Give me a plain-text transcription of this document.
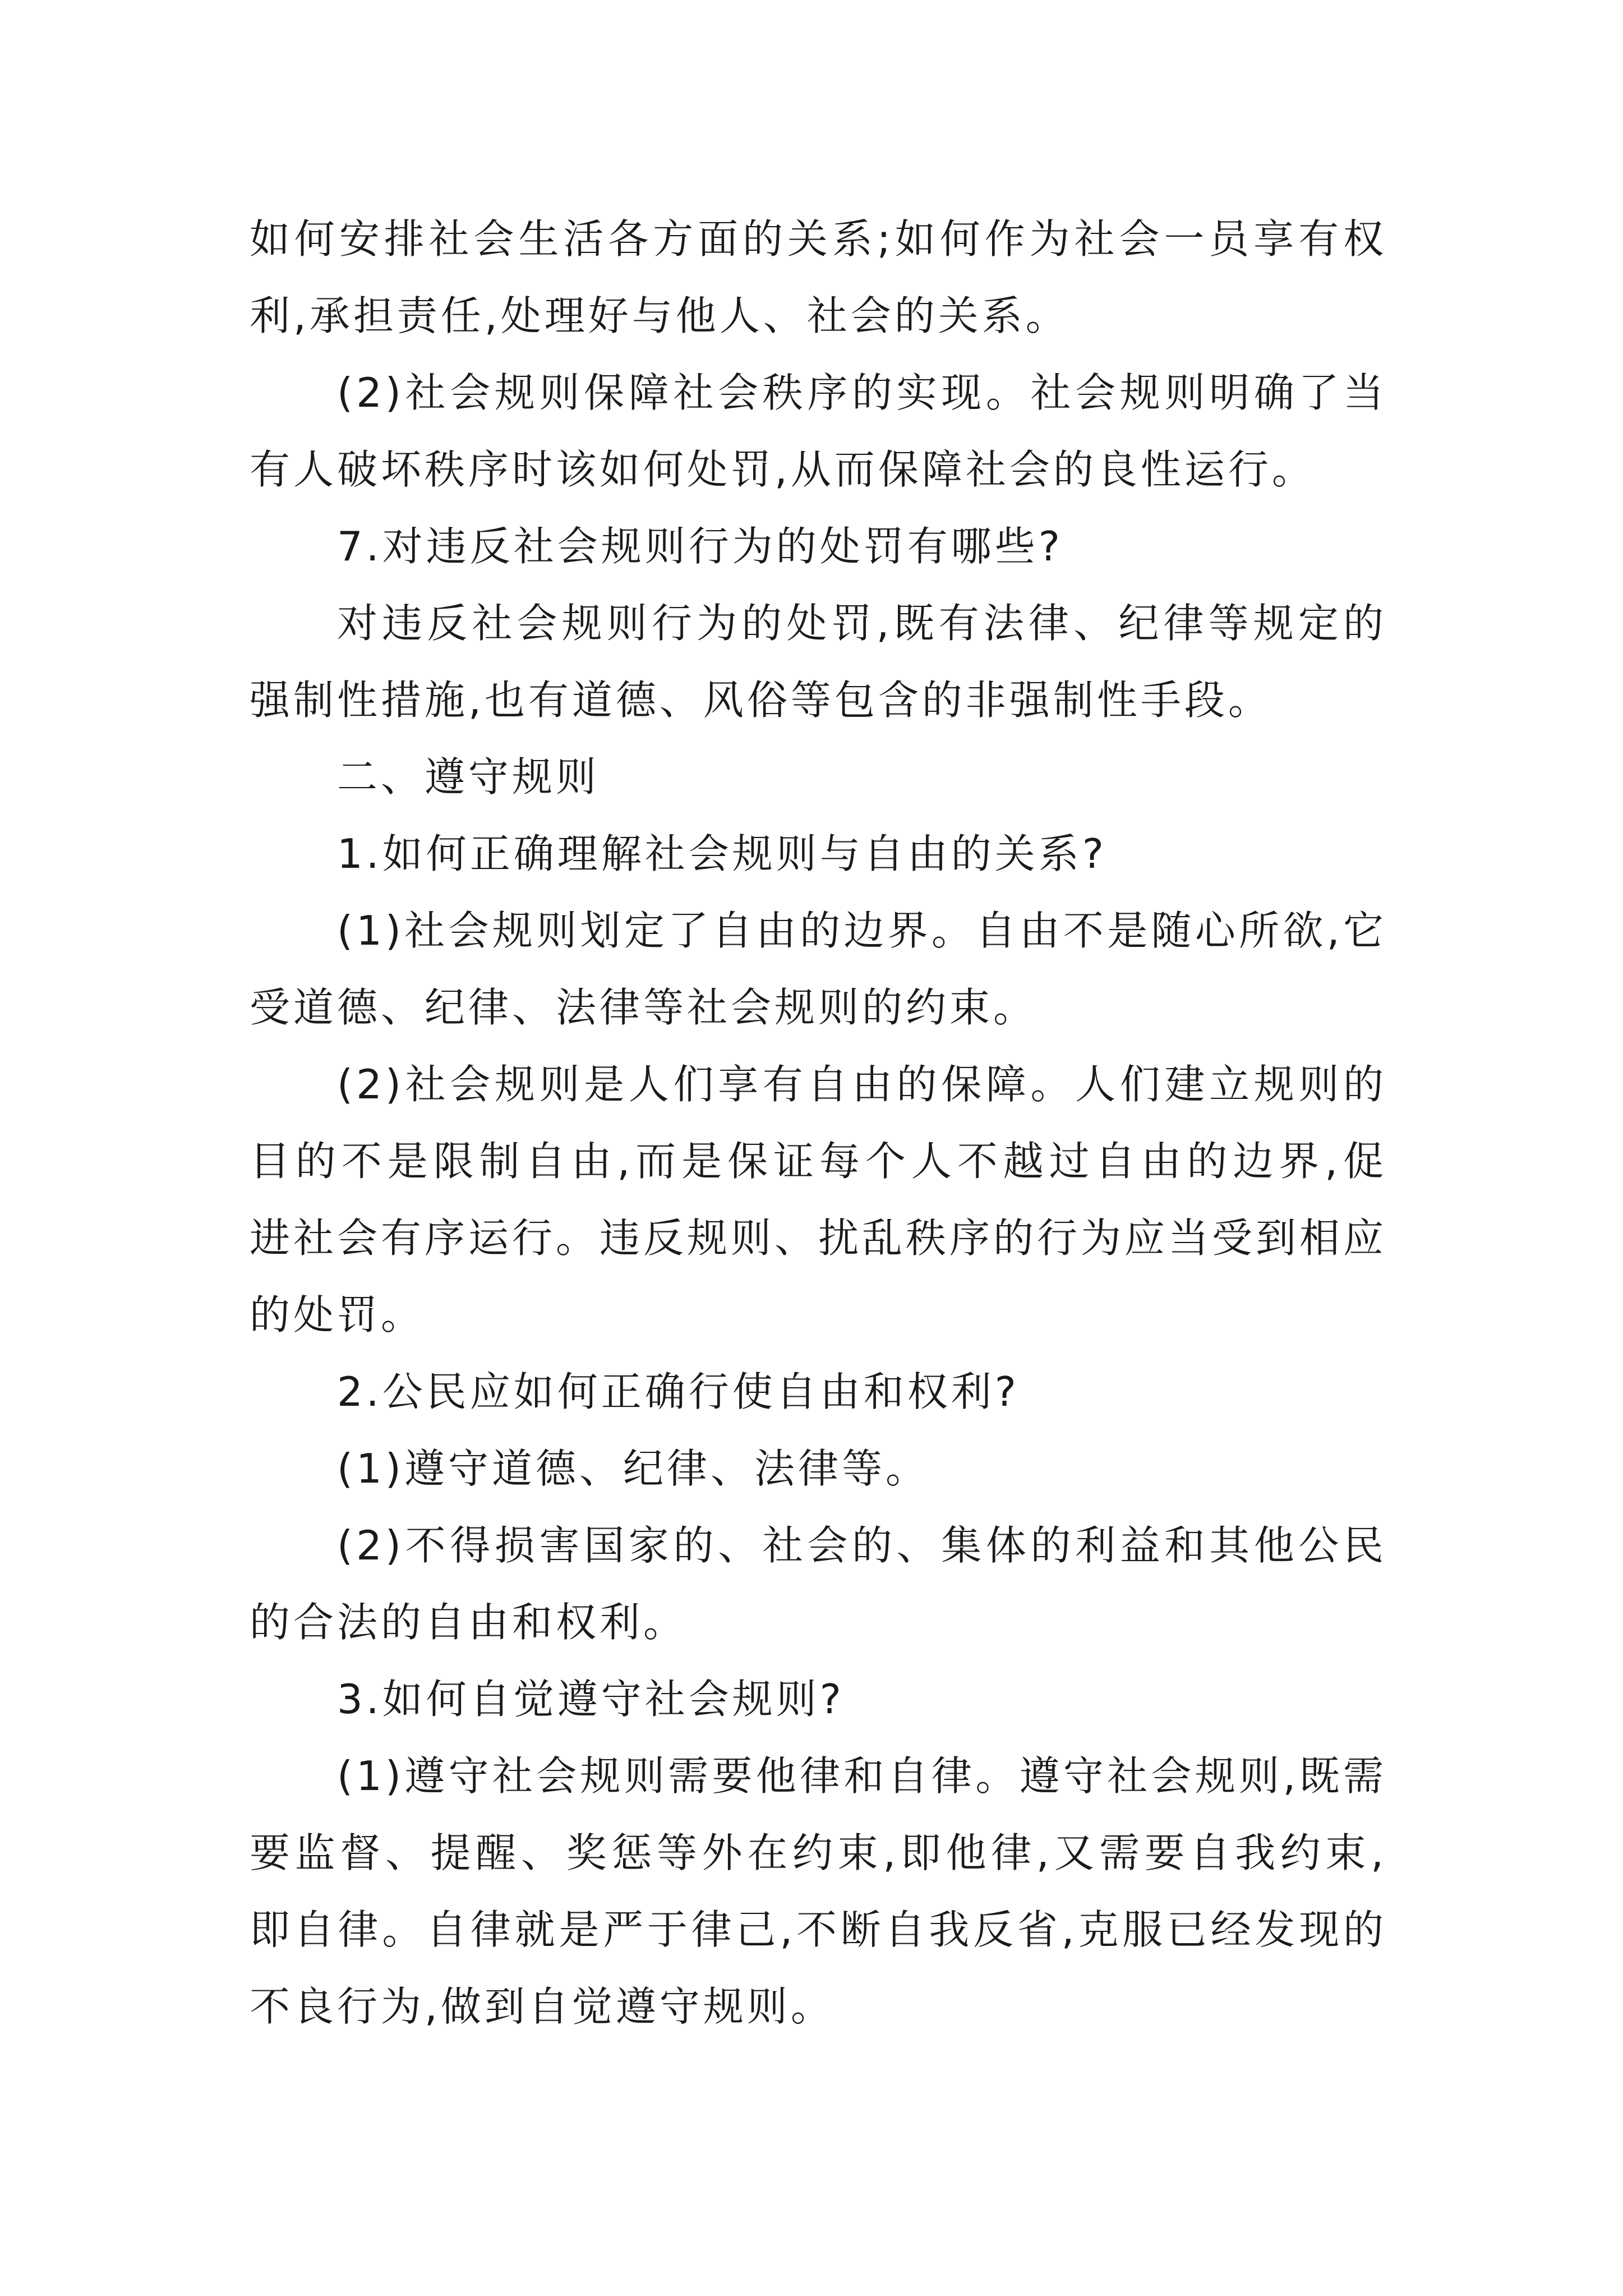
如何安排社会生活各方面的关系;如何作为社会一员享有权
利,承担责任,处理好与他人、社会的关系。
(2)社会规则保障社会秩序的实现。社会规则明确了当
有人破坏秩序时该如何处罚,从而保障社会的良性运行。
7.对违反社会规则行为的处罚有哪些?
对违反社会规则行为的处罚,既有法律、纪律等规定的
强制性措施,也有道德、风俗等包含的非强制性手段。
二、遵守规则
1.如何正确理解社会规则与自由的关系?
(1)社会规则划定了自由的边界。自由不是随心所欲,它
受道德、纪律、法律等社会规则的约束。
(2)社会规则是人们享有自由的保障。人们建立规则的
目的不是限制自由,而是保证每个人不越过自由的边界,促
进社会有序运行。违反规则、扰乱秩序的行为应当受到相应
的处罚。
2.公民应如何正确行使自由和权利?
(1)遵守道德、纪律、法律等。
(2)不得损害国家的、社会的、集体的利益和其他公民
的合法的自由和权利。
3.如何自觉遵守社会规则?
(1)遵守社会规则需要他律和自律。遵守社会规则,既需
要监督、提醒、奖惩等外在约束,即他律,又需要自我约束,
即自律。自律就是严于律己,不断自我反省,克服已经发现的
不良行为,做到自觉遵守规则。
